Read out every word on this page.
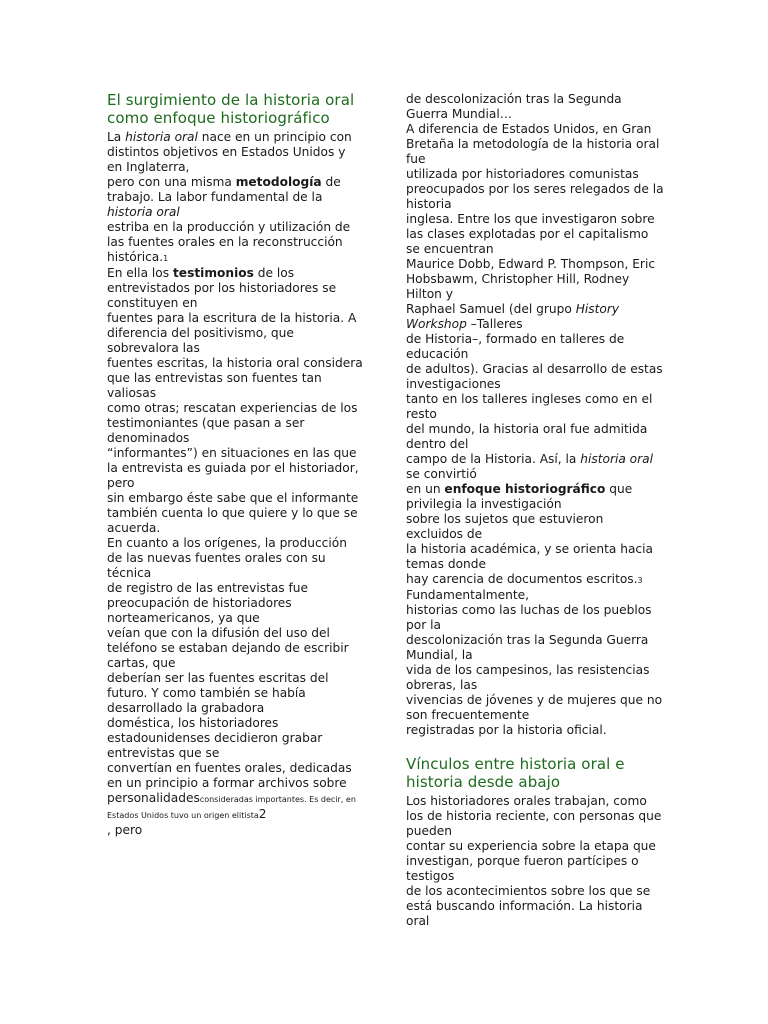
El surgimiento de la historia oral como enfoque historiográfico

La historia oral nace en un principio con distintos objetivos en Estados Unidos y en Inglaterra,
pero con una misma metodología de trabajo. La labor fundamental de la historia oral
estriba en la producción y utilización de las fuentes orales en la reconstrucción histórica.1
En ella los testimonios de los entrevistados por los historiadores se constituyen en
fuentes para la escritura de la historia. A diferencia del positivismo, que sobrevalora las
fuentes escritas, la historia oral considera que las entrevistas son fuentes tan valiosas
como otras; rescatan experiencias de los testimoniantes (que pasan a ser denominados
“informantes”) en situaciones en las que la entrevista es guiada por el historiador, pero
sin embargo éste sabe que el informante también cuenta lo que quiere y lo que se acuerda.
En cuanto a los orígenes, la producción de las nuevas fuentes orales con su técnica
de registro de las entrevistas fue preocupación de historiadores norteamericanos, ya que
veían que con la difusión del uso del teléfono se estaban dejando de escribir cartas, que
deberían ser las fuentes escritas del futuro. Y como también se había desarrollado la grabadora
doméstica, los historiadores estadounidenses decidieron grabar entrevistas que se
convertían en fuentes orales, dedicadas en un principio a formar archivos sobre personalidadesconsideradas importantes. Es decir, en Estados Unidos tuvo un origen elitista2
, pero

de descolonización tras la Segunda Guerra Mundial…
A diferencia de Estados Unidos, en Gran Bretaña la metodología de la historia oral fue
utilizada por historiadores comunistas preocupados por los seres relegados de la historia
inglesa. Entre los que investigaron sobre las clases explotadas por el capitalismo se encuentran
Maurice Dobb, Edward P. Thompson, Eric Hobsbawm, Christopher Hill, Rodney Hilton y
Raphael Samuel (del grupo History Workshop –Talleres
de Historia–, formado en talleres de educación
de adultos). Gracias al desarrollo de estas investigaciones
tanto en los talleres ingleses como en el resto
del mundo, la historia oral fue admitida dentro del
campo de la Historia. Así, la historia oral se convirtió
en un enfoque historiográfico que privilegia la investigación
sobre los sujetos que estuvieron excluidos de
la historia académica, y se orienta hacia temas donde
hay carencia de documentos escritos.3 Fundamentalmente,
historias como las luchas de los pueblos por la
descolonización tras la Segunda Guerra Mundial, la
vida de los campesinos, las resistencias obreras, las
vivencias de jóvenes y de mujeres que no son frecuentemente
registradas por la historia oficial.

Vínculos entre historia oral e historia desde abajo

Los historiadores orales trabajan, como los de historia reciente, con personas que pueden
contar su experiencia sobre la etapa que investigan, porque fueron partícipes o testigos
de los acontecimientos sobre los que se está buscando información. La historia oral
